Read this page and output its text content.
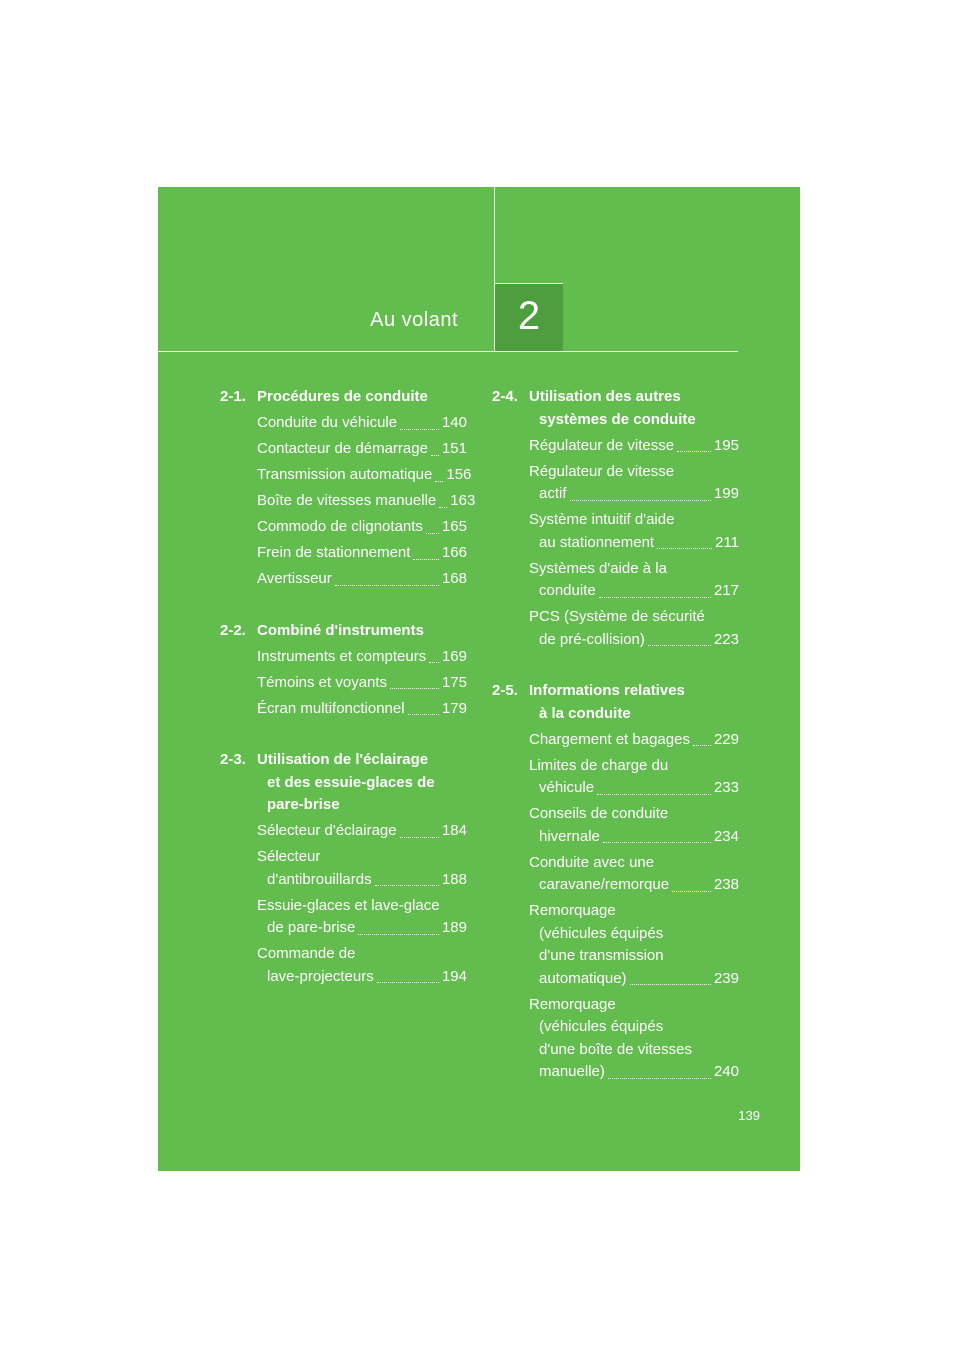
Au volant	2
2-1. Procédures de conduite
Conduite du véhicule	140
Contacteur de démarrage 151
Transmission automatique 156
Boîte de vitesses manuelle 163
Commodo de clignotants 165
Frein de stationnement 166
Avertisseur	168
2-2. Combiné d'instruments
Instruments et compteurs 169
Témoins et voyants	175
Écran multifonctionnel 179
2-3. Utilisation de l'éclairage

et des essuie-glaces de
pare-brise
Sélecteur d'éclairage	184
Sélecteur
d'antibrouillards	188
Essuie-glaces et lave-glace
de pare-brise	189
Commande de
lave-projecteurs	194
2-4. Utilisation des autres

systèmes de conduite
Régulateur de vitesse	195
Régulateur de vitesse
actif	199
Système intuitif d'aide
au stationnement	211
Systèmes d'aide à la
conduite	217
PCS (Système de sécurité
de pré-collision)	223
2-5. Informations relatives

à la conduite
Chargement et bagages 229
Limites de charge du
véhicule	233
Conseils de conduite
hivernale	234
Conduite avec une
caravane/remorque	238
Remorquage
(véhicules équipés
d'une transmission
automatique)	239
Remorquage
(véhicules équipés
d'une boîte de vitesses
manuelle)	240
139
